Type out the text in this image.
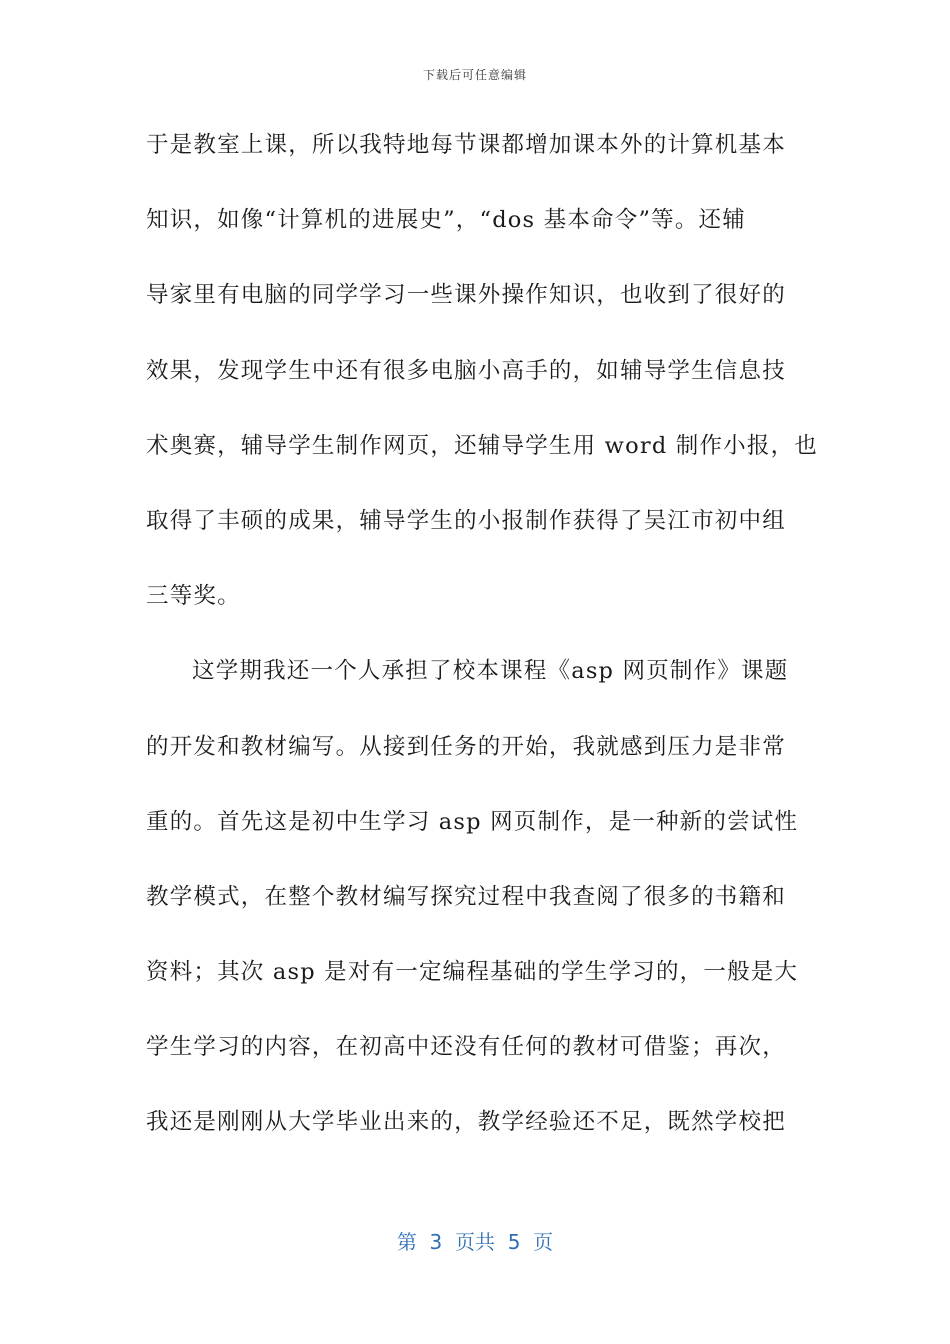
下载后可任意编辑
于是教室上课，所以我特地每节课都增加课本外的计算机基本
知识，如像“计算机的进展史”，“dos 基本命令”等。还辅
导家里有电脑的同学学习一些课外操作知识，也收到了很好的
效果，发现学生中还有很多电脑小高手的，如辅导学生信息技
术奥赛，辅导学生制作网页，还辅导学生用 word 制作小报，也
取得了丰硕的成果，辅导学生的小报制作获得了吴江市初中组
三等奖。
这学期我还一个人承担了校本课程《asp 网页制作》课题
的开发和教材编写。从接到任务的开始，我就感到压力是非常
重的。首先这是初中生学习 asp 网页制作，是一种新的尝试性
教学模式，在整个教材编写探究过程中我查阅了很多的书籍和
资料；其次 asp 是对有一定编程基础的学生学习的，一般是大
学生学习的内容，在初高中还没有任何的教材可借鉴；再次，
我还是刚刚从大学毕业出来的，教学经验还不足，既然学校把
第  3  页共  5  页
